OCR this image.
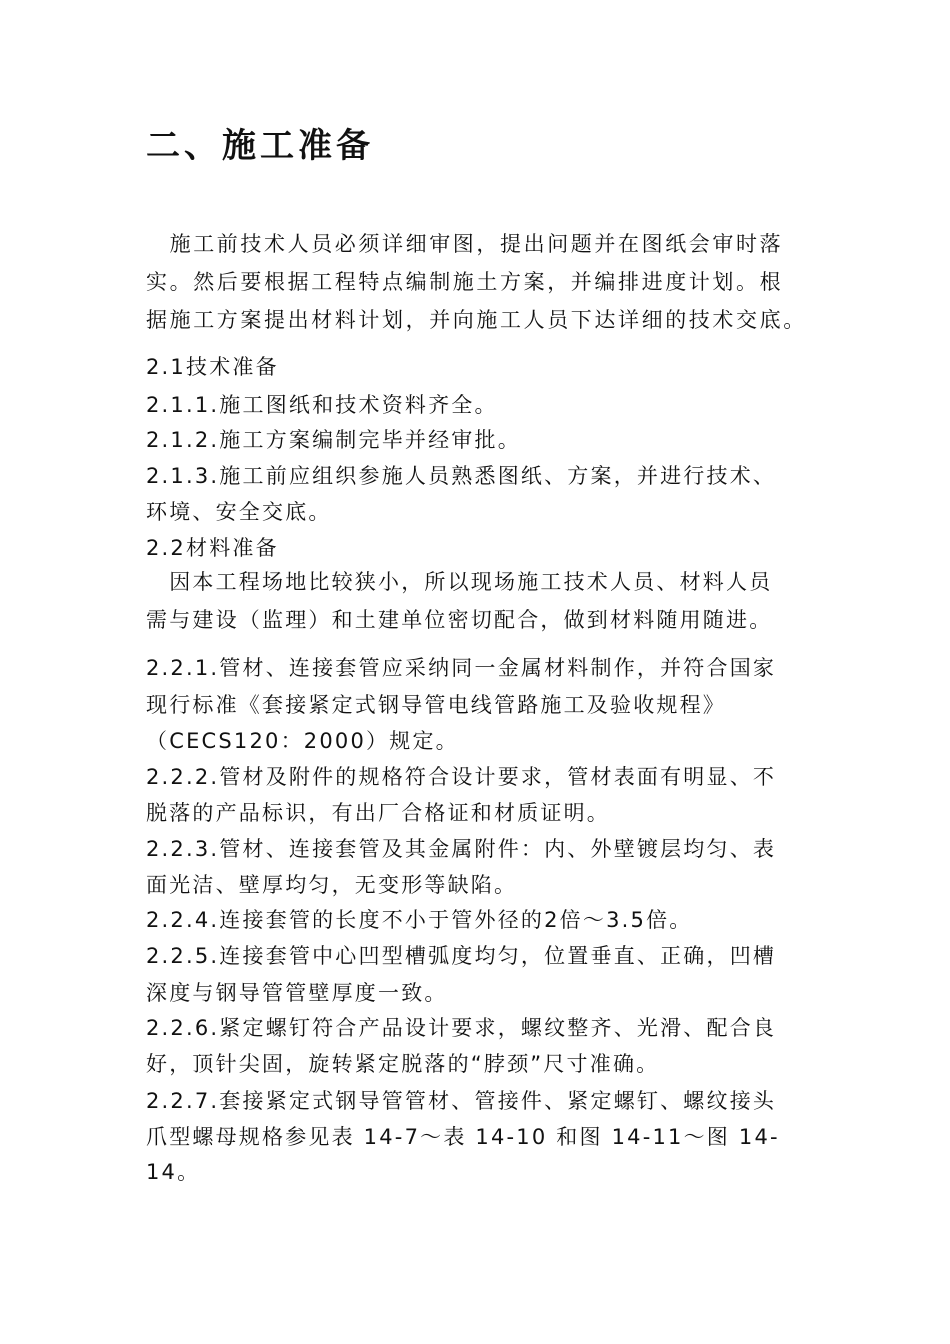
二、施工准备

　施工前技术人员必须详细审图，提出问题并在图纸会审时落

实。然后要根据工程特点编制施土方案，并编排进度计划。根

据施工方案提出材料计划，并向施工人员下达详细的技术交底。

2.1技术准备

2.1.1.施工图纸和技术资料齐全。

2.1.2.施工方案编制完毕并经审批。

2.1.3.施工前应组织参施人员熟悉图纸、方案，并进行技术、

环境、安全交底。

2.2材料准备

　因本工程场地比较狭小，所以现场施工技术人员、材料人员

需与建设（监理）和土建单位密切配合，做到材料随用随进。

2.2.1.管材、连接套管应采纳同一金属材料制作，并符合国家

现行标准《套接紧定式钢导管电线管路施工及验收规程》

（CECS120：2000）规定。

2.2.2.管材及附件的规格符合设计要求，管材表面有明显、不

脱落的产品标识，有出厂合格证和材质证明。

2.2.3.管材、连接套管及其金属附件：内、外壁镀层均匀、表

面光洁、壁厚均匀，无变形等缺陷。

2.2.4.连接套管的长度不小于管外径的2倍～3.5倍。

2.2.5.连接套管中心凹型槽弧度均匀，位置垂直、正确，凹槽

深度与钢导管管壁厚度一致。

2.2.6.紧定螺钉符合产品设计要求，螺纹整齐、光滑、配合良

好，顶针尖固，旋转紧定脱落的“脖颈”尺寸准确。

2.2.7.套接紧定式钢导管管材、管接件、紧定螺钉、螺纹接头

爪型螺母规格参见表 14-7～表 14-10 和图 14-11～图 14-

14。
